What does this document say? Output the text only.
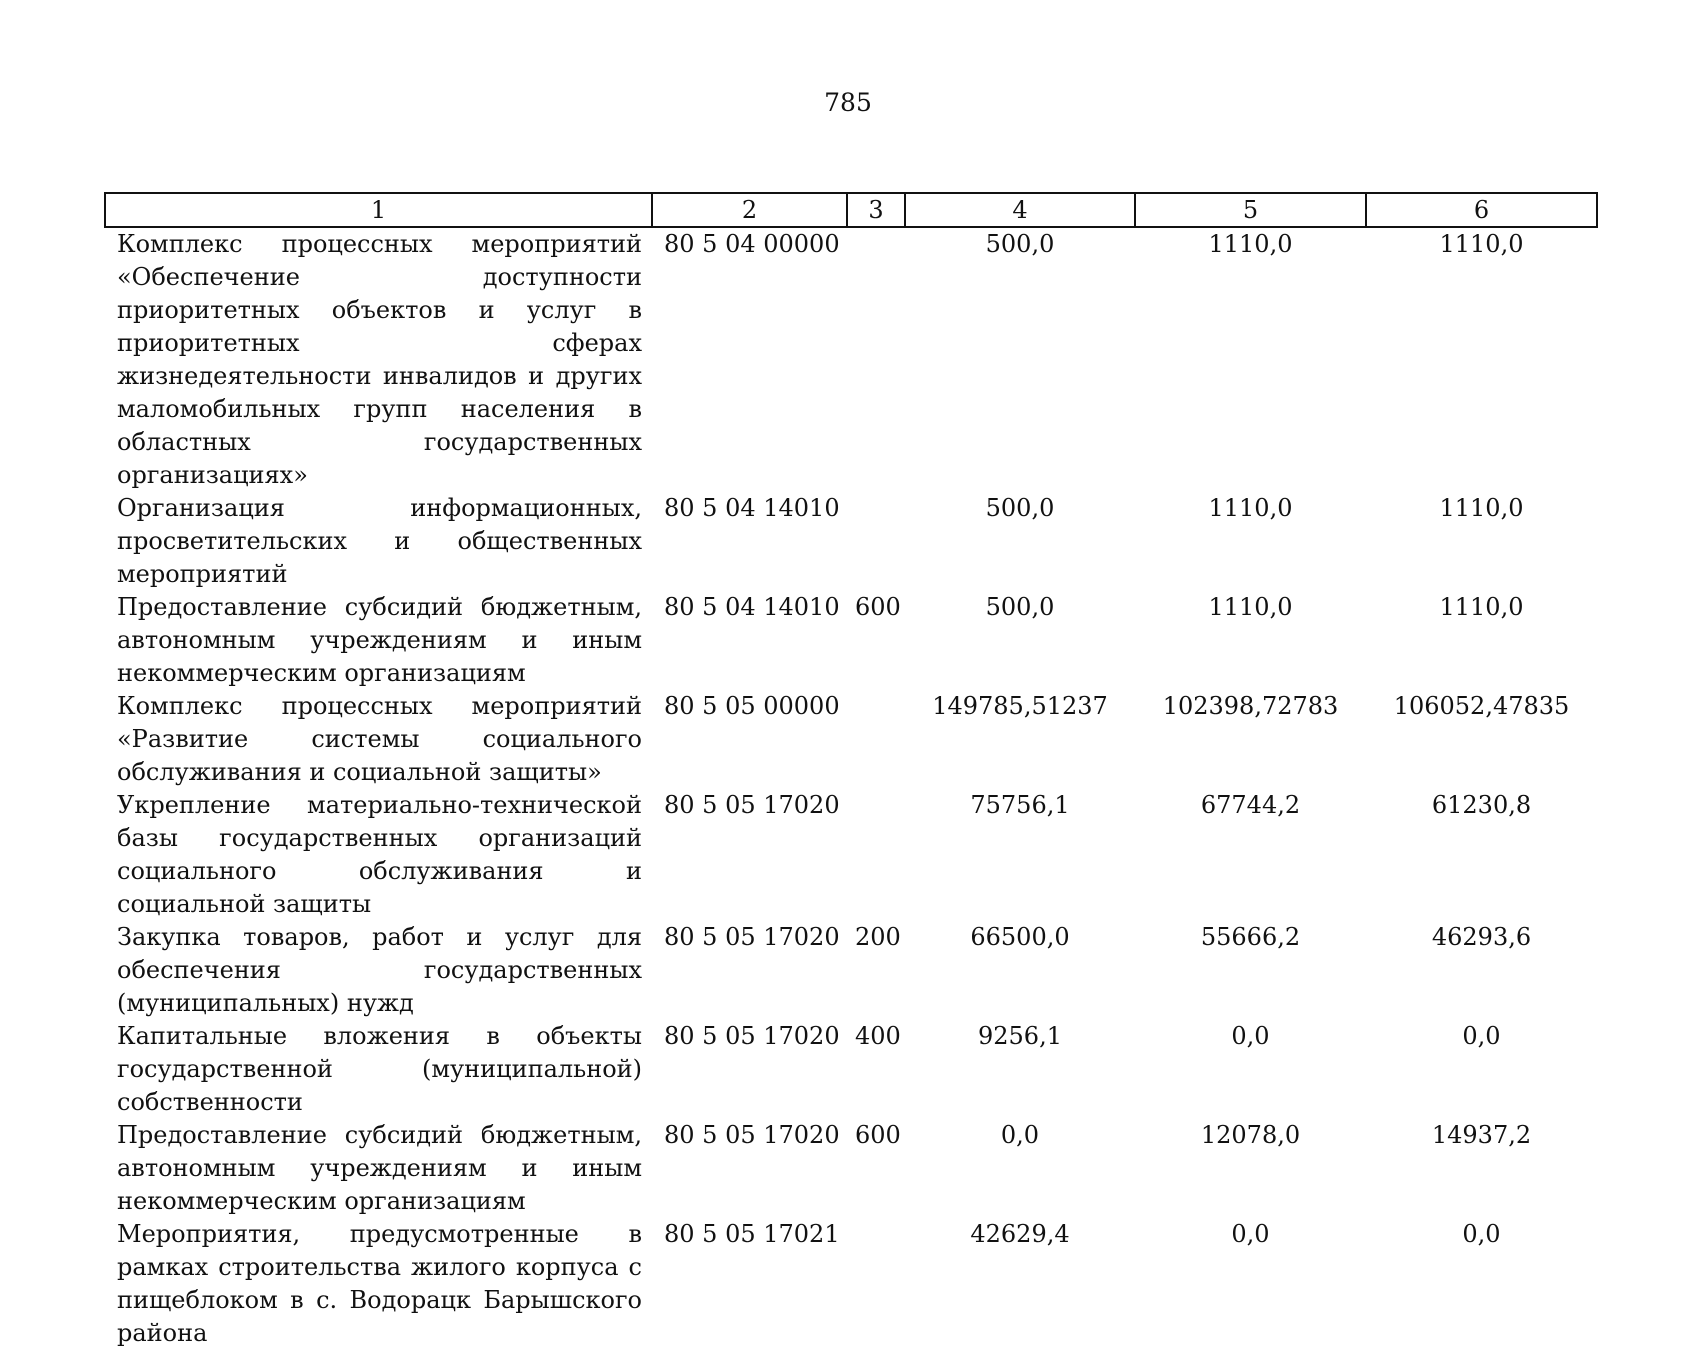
785
1	2	3	4	5	6
Комплекс процессных мероприятий «Обеспечение доступности приоритетных объектов и услуг в приоритетных сферах жизнедеятельности инвалидов и других маломобильных групп населения в областных государственных организациях»	80 5 04 00000		500,0	1110,0	1110,0
Организация информационных, просветительских и общественных мероприятий	80 5 04 14010		500,0	1110,0	1110,0
Предоставление субсидий бюджетным, автономным учреждениям и иным некоммерческим организациям	80 5 04 14010	600	500,0	1110,0	1110,0
Комплекс процессных мероприятий «Развитие системы социального обслуживания и социальной защиты»	80 5 05 00000		149785,51237	102398,72783	106052,47835
Укрепление материально-технической базы государственных организаций социального обслуживания и социальной защиты	80 5 05 17020		75756,1	67744,2	61230,8
Закупка товаров, работ и услуг для обеспечения государственных (муниципальных) нужд	80 5 05 17020	200	66500,0	55666,2	46293,6
Капитальные вложения в объекты государственной (муниципальной) собственности	80 5 05 17020	400	9256,1	0,0	0,0
Предоставление субсидий бюджетным, автономным учреждениям и иным некоммерческим организациям	80 5 05 17020	600	0,0	12078,0	14937,2
Мероприятия, предусмотренные в рамках строительства жилого корпуса с пищеблоком в с. Водорацк Барышского района	80 5 05 17021		42629,4	0,0	0,0
